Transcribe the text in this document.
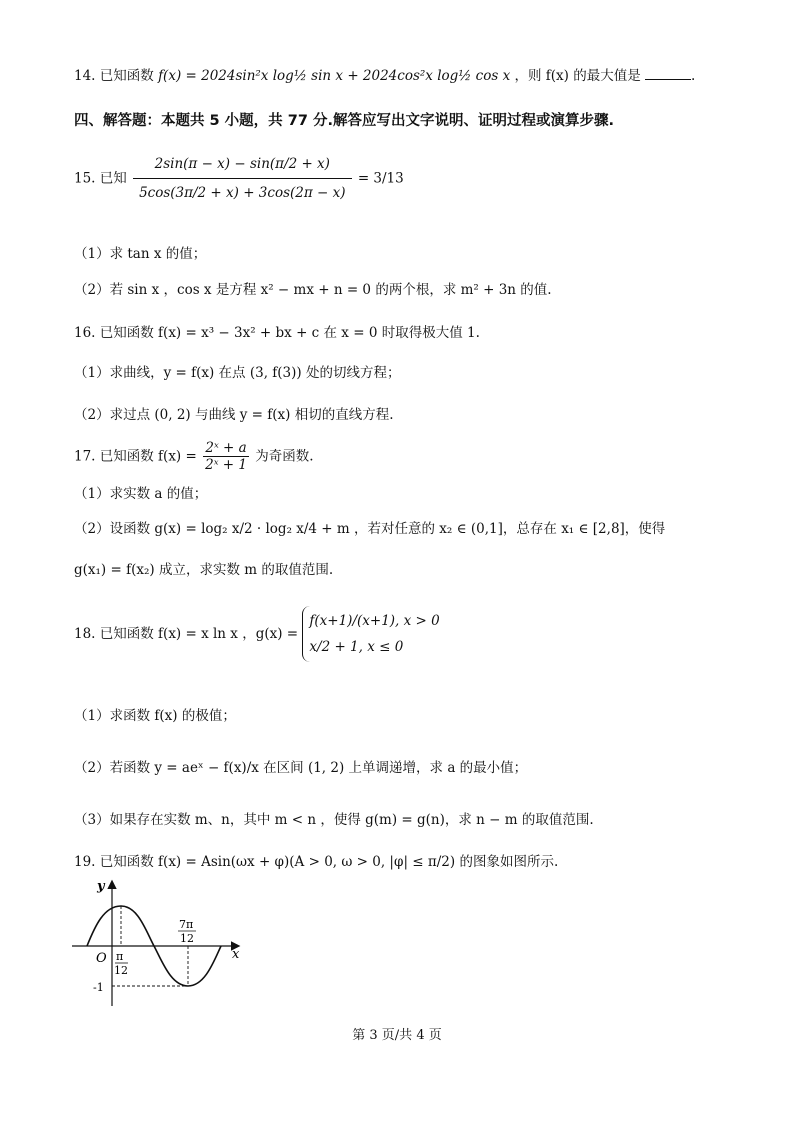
14. 已知函数 f(x) = 2024sin²x log½ sin x + 2024cos²x log½ cos x ，则 f(x) 的最大值是	.
四、解答题：本题共 5 小题，共 77 分.解答应写出文字说明、证明过程或演算步骤.
15. 已知 $\frac{2\sin(\pi - x) - \sin(\pi/2 + x)}{5\cos(3\pi/2 + x) + 3\cos(2\pi - x)} = 3/13$
（1）求 tan x 的值；
（2）若 sin x ，cos x 是方程 x² − mx + n = 0 的两个根，求 m² + 3n 的值.
16. 已知函数 f(x) = x³ − 3x² + bx + c 在 x = 0 时取得极大值 1.
（1）求曲线，y = f(x) 在点 (3, f(3)) 处的切线方程；
（2）求过点 (0, 2) 与曲线 y = f(x) 相切的直线方程.
17. 已知函数 $f(x) = \frac{\text{2ˣ + a}}{\text{2ˣ + 1}}$ 为奇函数.
（1）求实数 a 的值；
（2）设函数 g(x) = log₂ x/2 · log₂ x/4 + m ，若对任意的 x₂ ∈ (0,1]，总存在 x₁ ∈ [2,8]，使得
g(x₁) = f(x₂) 成立，求实数 m 的取值范围.
18. 已知函数 f(x) = x ln x ，g(x) =
f(x+1)/(x+1), x > 0
x/2 + 1, x ≤ 0
（1）求函数 f(x) 的极值；
（2）若函数 y = aeˣ − f(x)/x 在区间 (1, 2) 上单调递增，求 a 的最小值；
（3）如果存在实数 m、n，其中 m < n ，使得 g(m) = g(n)，求 n − m 的取值范围.
19. 已知函数 f(x) = Asin(ωx + φ)(A > 0, ω > 0, |φ| ≤ π/2) 的图象如图所示.
y
x
O π
12
7π
12
-1
第 3 页/共 4 页
